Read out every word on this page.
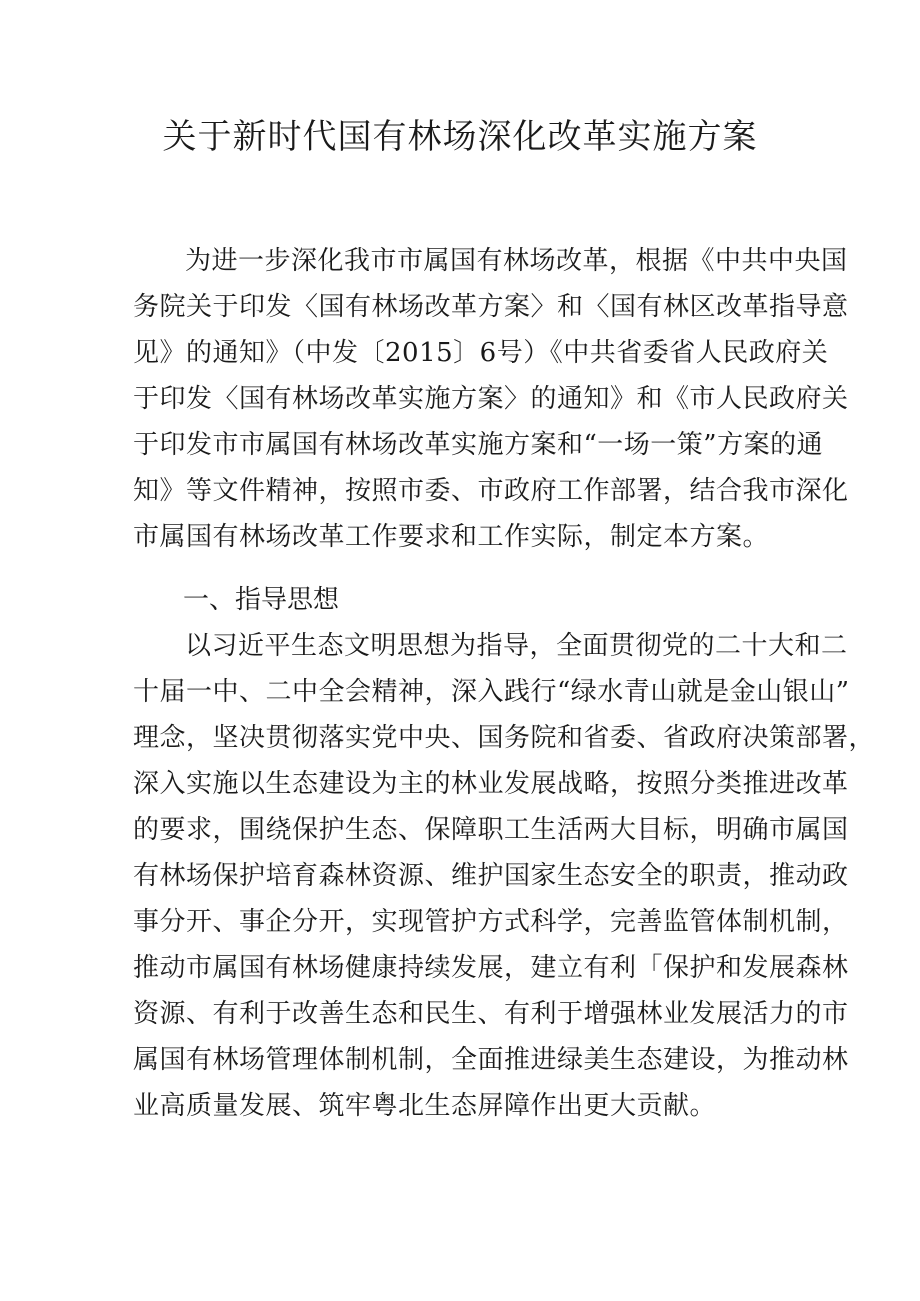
关于新时代国有林场深化改革实施方案
为进一步深化我市市属国有林场改革，根据《中共中央国
务院关于印发〈国有林场改革方案〉和〈国有林区改革指导意
见》的通知》（中发〔2015〕6号）《中共省委省人民政府关
于印发〈国有林场改革实施方案〉的通知》和《市人民政府关
于印发市市属国有林场改革实施方案和“一场一策”方案的通
知》等文件精神，按照市委、市政府工作部署，结合我市深化
市属国有林场改革工作要求和工作实际，制定本方案。
一、指导思想
以习近平生态文明思想为指导，全面贯彻党的二十大和二
十届一中、二中全会精神，深入践行“绿水青山就是金山银山”
理念，坚决贯彻落实党中央、国务院和省委、省政府决策部署，
深入实施以生态建设为主的林业发展战略，按照分类推进改革
的要求，围绕保护生态、保障职工生活两大目标，明确市属国
有林场保护培育森林资源、维护国家生态安全的职责，推动政
事分开、事企分开，实现管护方式科学，完善监管体制机制，
推动市属国有林场健康持续发展，建立有利「保护和发展森林
资源、有利于改善生态和民生、有利于增强林业发展活力的市
属国有林场管理体制机制，全面推进绿美生态建设，为推动林
业高质量发展、筑牢粤北生态屏障作出更大贡献。
